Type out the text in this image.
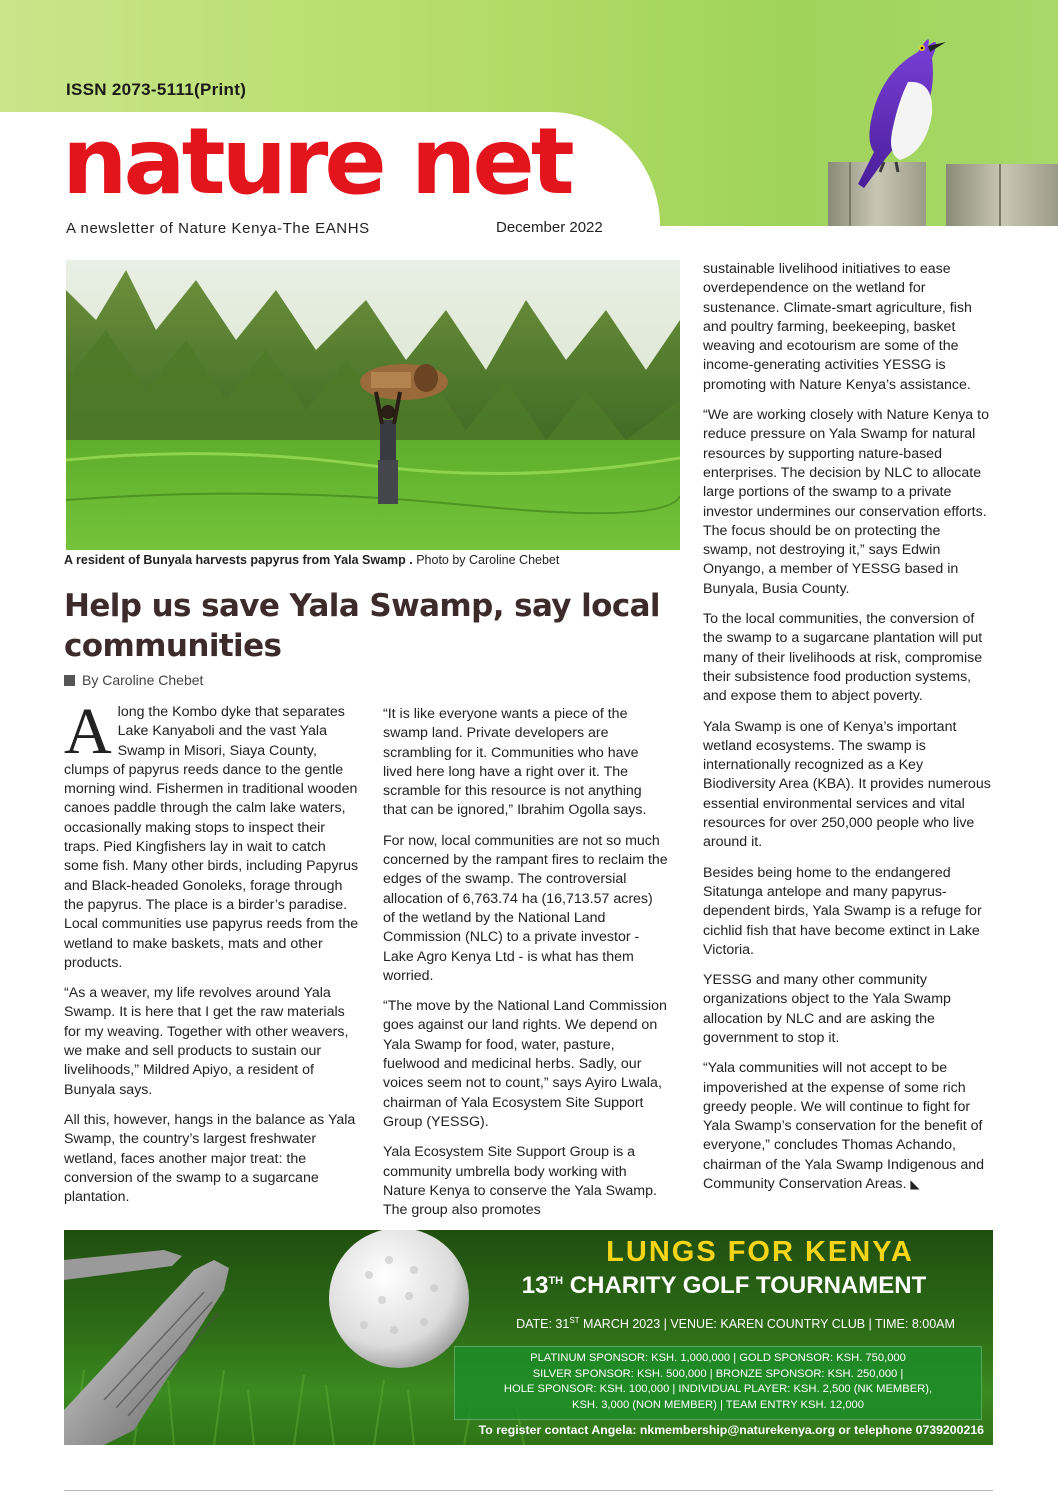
ISSN 2073-5111(Print)
nature net
A newsletter of Nature Kenya-The EANHS	December 2022
A resident of Bunyala harvests papyrus from Yala Swamp . Photo by Caroline Chebet
Help us save Yala Swamp, say local communities
By Caroline Chebet

Along the Kombo dyke that separates Lake Kanyaboli and the vast Yala Swamp in Misori, Siaya County, clumps of papyrus reeds dance to the gentle morning wind. Fishermen in traditional wooden canoes paddle through the calm lake waters, occasionally making stops to inspect their traps. Pied Kingfishers lay in wait to catch some fish. Many other birds, including Papyrus and Black-headed Gonoleks, forage through the papyrus. The place is a birder’s paradise. Local communities use papyrus reeds from the wetland to make baskets, mats and other products.

“As a weaver, my life revolves around Yala Swamp. It is here that I get the raw materials for my weaving. Together with other weavers, we make and sell products to sustain our livelihoods,” Mildred Apiyo, a resident of Bunyala says.

All this, however, hangs in the balance as Yala Swamp, the country’s largest freshwater wetland, faces another major treat: the conversion of the swamp to a sugarcane plantation.

“It is like everyone wants a piece of the swamp land. Private developers are scrambling for it. Communities who have lived here long have a right over it. The scramble for this resource is not anything that can be ignored,” Ibrahim Ogolla says.

For now, local communities are not so much concerned by the rampant fires to reclaim the edges of the swamp. The controversial allocation of 6,763.74 ha (16,713.57 acres) of the wetland by the National Land Commission (NLC) to a private investor - Lake Agro Kenya Ltd - is what has them worried.

“The move by the National Land Commission goes against our land rights. We depend on Yala Swamp for food, water, pasture, fuelwood and medicinal herbs. Sadly, our voices seem not to count,” says Ayiro Lwala, chairman of Yala Ecosystem Site Support Group (YESSG).

Yala Ecosystem Site Support Group is a community umbrella body working with Nature Kenya to conserve the Yala Swamp. The group also promotes

sustainable livelihood initiatives to ease overdependence on the wetland for sustenance. Climate-smart agriculture, fish and poultry farming, beekeeping, basket weaving and ecotourism are some of the income-generating activities YESSG is promoting with Nature Kenya’s assistance.

“We are working closely with Nature Kenya to reduce pressure on Yala Swamp for natural resources by supporting nature-based enterprises. The decision by NLC to allocate large portions of the swamp to a private investor undermines our conservation efforts. The focus should be on protecting the swamp, not destroying it,” says Edwin Onyango, a member of YESSG based in Bunyala, Busia County.

To the local communities, the conversion of the swamp to a sugarcane plantation will put many of their livelihoods at risk, compromise their subsistence food production systems, and expose them to abject poverty.

Yala Swamp is one of Kenya’s important wetland ecosystems. The swamp is internationally recognized as a Key Biodiversity Area (KBA). It provides numerous essential environmental services and vital resources for over 250,000 people who live around it.

Besides being home to the endangered Sitatunga antelope and many papyrus-dependent birds, Yala Swamp is a refuge for cichlid fish that have become extinct in Lake Victoria.

YESSG and many other community organizations object to the Yala Swamp allocation by NLC and are asking the government to stop it.

“Yala communities will not accept to be impoverished at the expense of some rich greedy people. We will continue to fight for Yala Swamp’s conservation for the benefit of everyone,” concludes Thomas Achando, chairman of the Yala Swamp Indigenous and Community Conservation Areas. ◣

LUNGS FOR KENYA
13TH CHARITY GOLF TOURNAMENT
DATE: 31ST MARCH 2023 | VENUE: KAREN COUNTRY CLUB | TIME: 8:00AM
PLATINUM SPONSOR: KSH. 1,000,000 | GOLD SPONSOR: KSH. 750,000
SILVER SPONSOR: KSH. 500,000 | BRONZE SPONSOR: KSH. 250,000 |
HOLE SPONSOR: KSH. 100,000 | INDIVIDUAL PLAYER: KSH. 2,500 (NK MEMBER),
KSH. 3,000 (NON MEMBER) | TEAM ENTRY KSH. 12,000
To register contact Angela: nkmembership@naturekenya.org or telephone 0739200216
